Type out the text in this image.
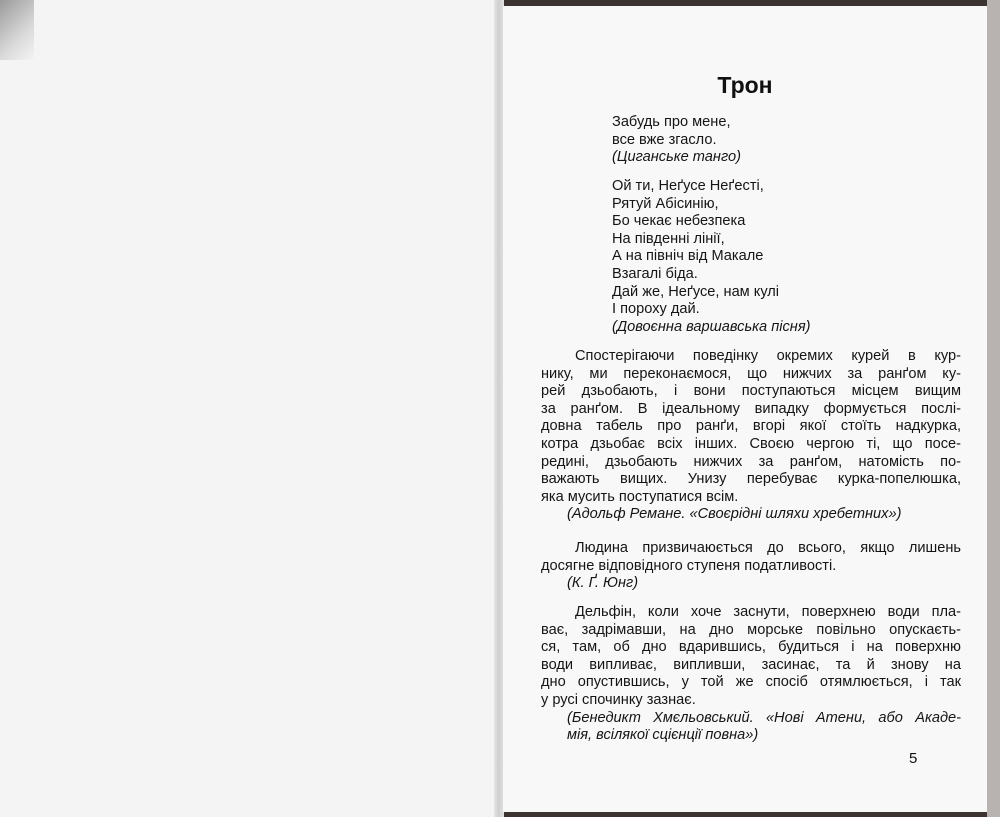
Трон
Забудь про мене,
все вже згасло.
(Циганське танго)
Ой ти, Неґусе Неґесті,
Рятуй Абісинію,
Бо чекає небезпека
На південні лінії,
А на північ від Макале
Взагалі біда.
Дай же, Неґусе, нам кулі
І пороху дай.
(Довоєнна варшавська пісня)
Спостерігаючи поведінку окремих курей в кур-
нику, ми переконаємося, що нижчих за ранґом ку-
рей дзьобають, і вони поступаються місцем вищим
за ранґом. В ідеальному випадку формується послі-
довна табель про ранґи, вгорі якої стоїть надкурка,
котра дзьобає всіх інших. Своєю чергою ті, що посе-
редині, дзьобають нижчих за ранґом, натомість по-
важають вищих. Унизу перебуває курка-попелюшка,
яка мусить поступатися всім.
(Адольф Ремане. «Своєрідні шляхи хребетних»)
Людина призвичаюється до всього, якщо лишень
досягне відповідного ступеня податливості.
(К. Ґ. Юнг)
Дельфін, коли хоче заснути, поверхнею води пла-
ває, задрімавши, на дно морське повільно опускаєть-
ся, там, об дно вдарившись, будиться і на поверхню
води випливає, випливши, засинає, та й знову на
дно опустившись, у той же спосіб отямлюється, і так
у русі спочинку зазнає.
(Бенедикт Хмєльовський. «Нові Атени, або Акаде-
мія, всілякої сцієнції повна»)
5
